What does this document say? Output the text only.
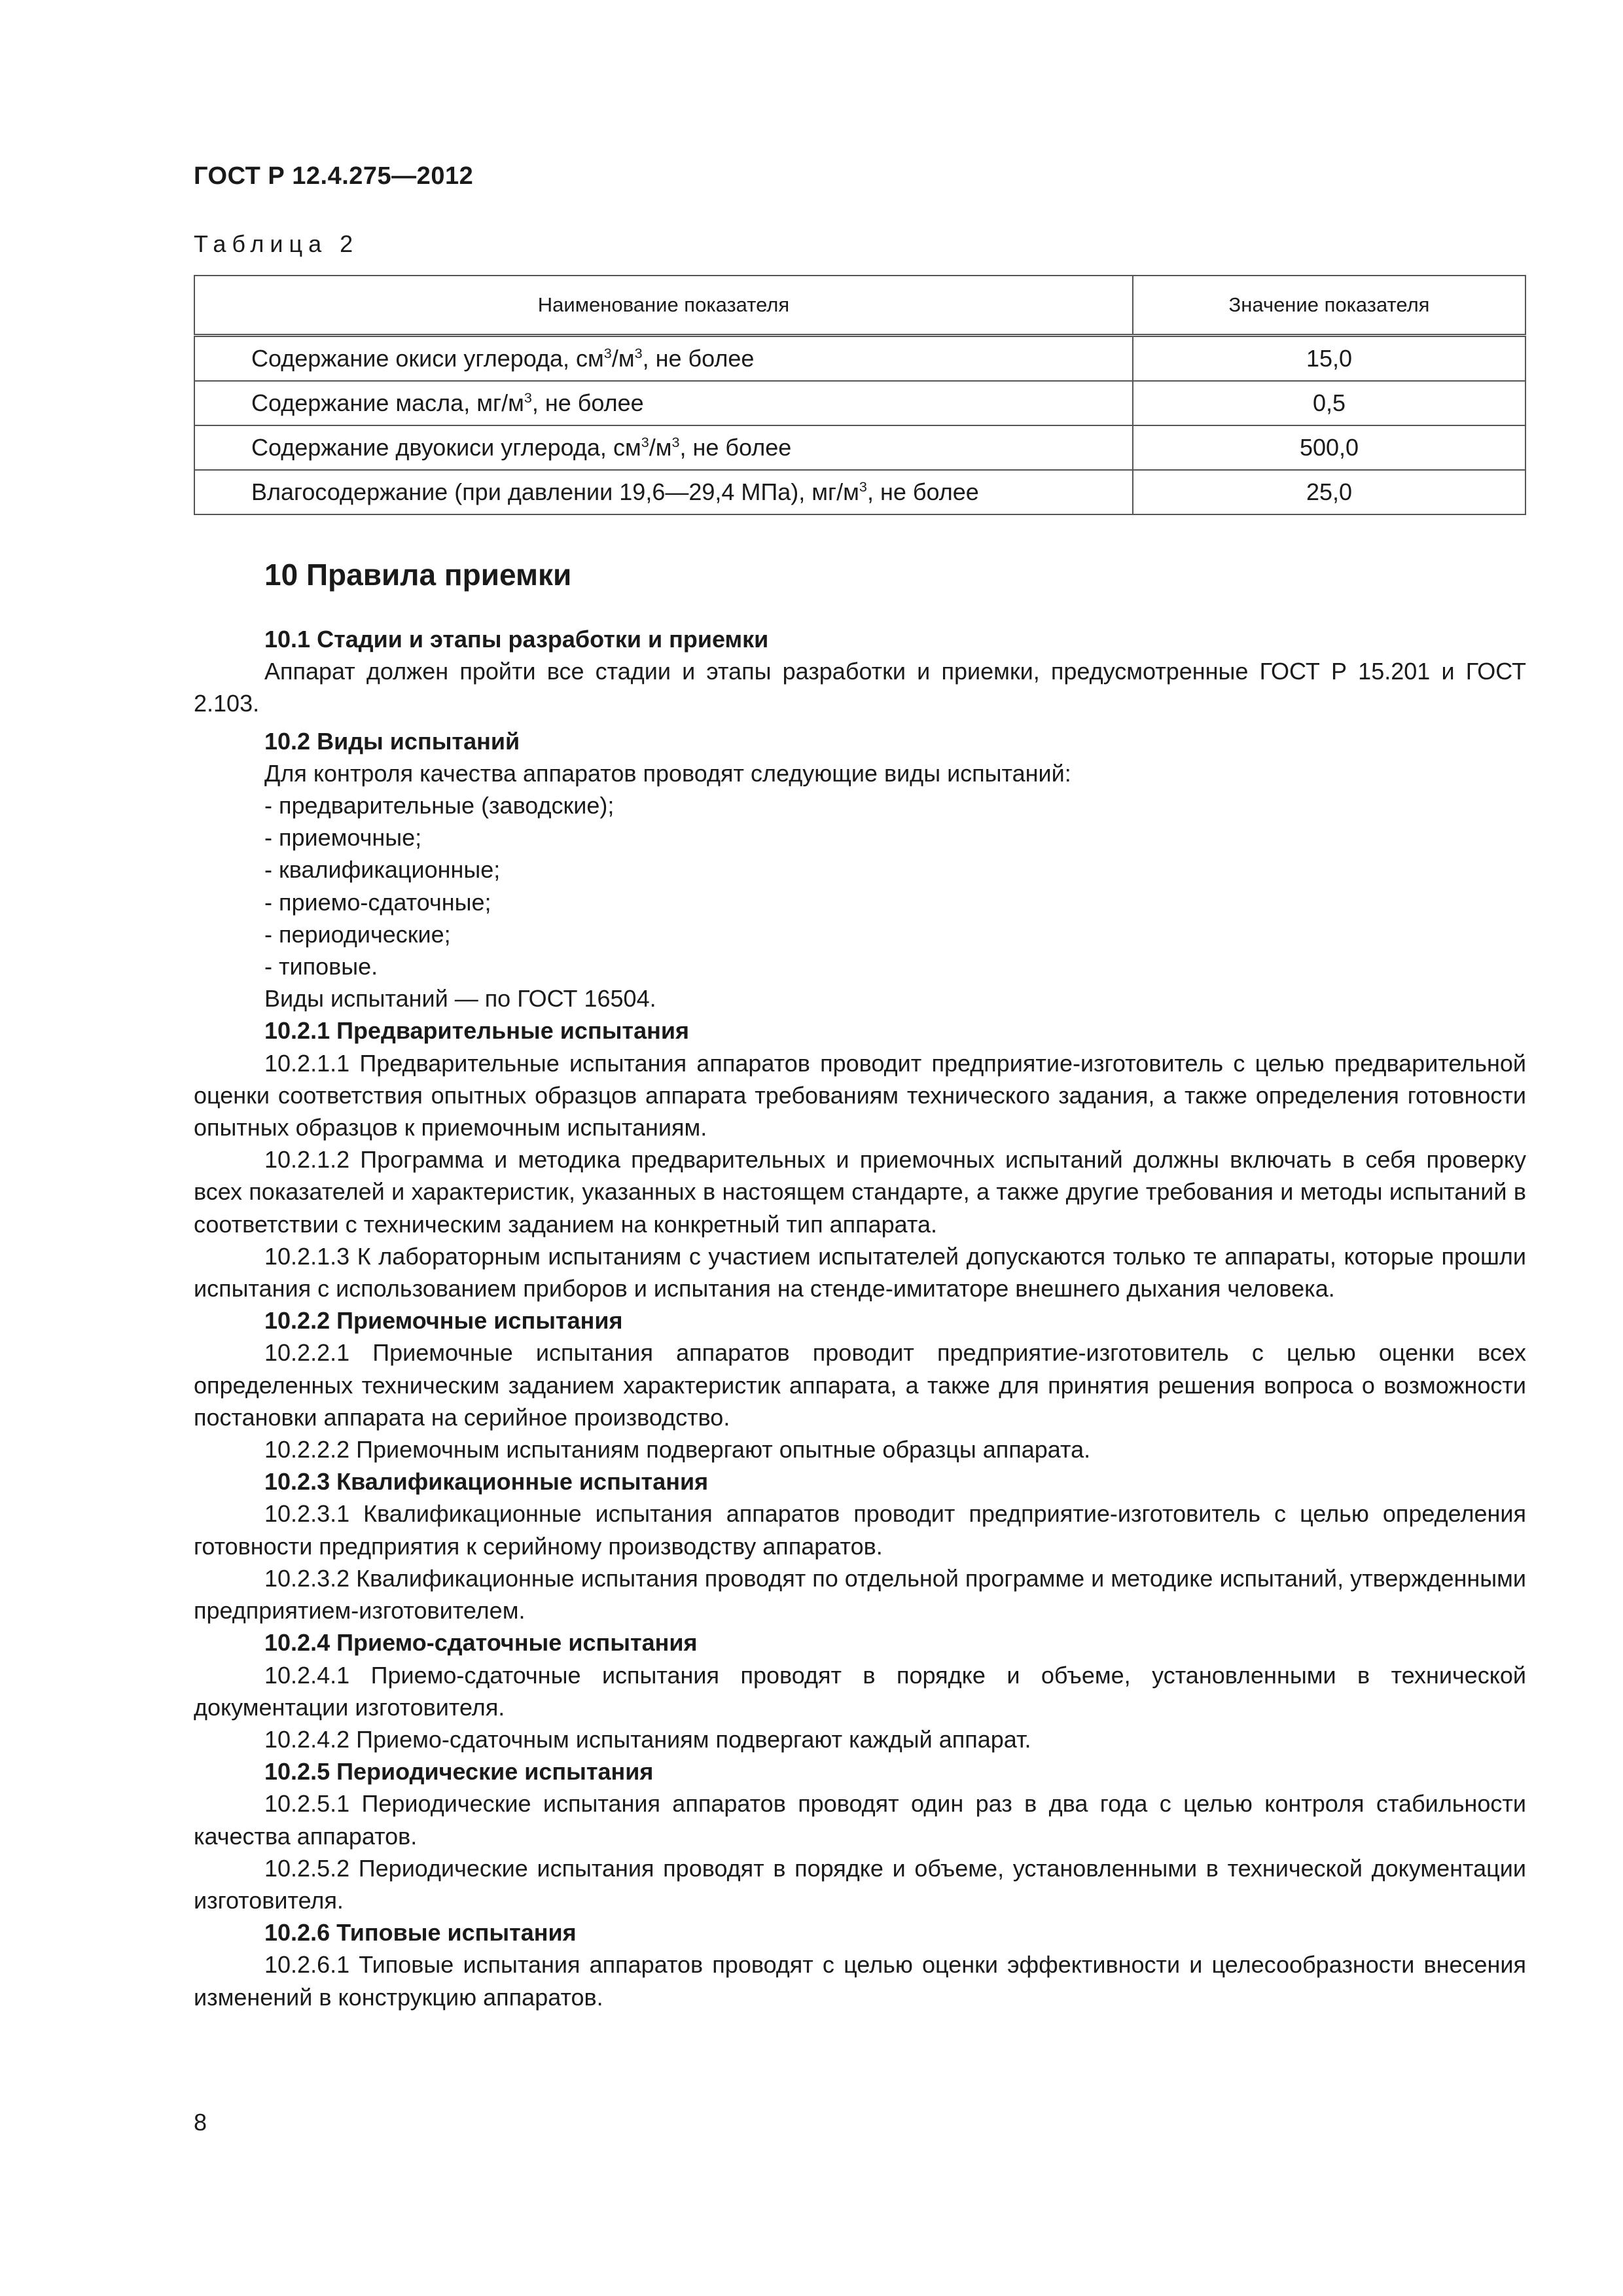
ГОСТ Р 12.4.275—2012
Таблица 2
Наименование показателя	Значение показателя
Содержание окиси углерода, $см^3/м^3$, не более	15,0
Содержание масла, $мг/м^3$, не более	0,5
Содержание двуокиси углерода, $см^3/м^3$, не более	500,0
Влагосодержание (при давлении 19,6—29,4 МПа), $мг/м^3$, не более	25,0
10 Правила приемки
10.1 Стадии и этапы разработки и приемки

Аппарат должен пройти все стадии и этапы разработки и приемки, предусмотренные ГОСТ Р 15.201 и ГОСТ 2.103.

10.2 Виды испытаний

Для контроля качества аппаратов проводят следующие виды испытаний:

- предварительные (заводские);

- приемочные;

- квалификационные;

- приемо-сдаточные;

- периодические;

- типовые.

Виды испытаний — по ГОСТ 16504.

10.2.1 Предварительные испытания

10.2.1.1 Предварительные испытания аппаратов проводит предприятие-изготовитель с целью предварительной оценки соответствия опытных образцов аппарата требованиям технического задания, а также определения готовности опытных образцов к приемочным испытаниям.

10.2.1.2 Программа и методика предварительных и приемочных испытаний должны включать в себя проверку всех показателей и характеристик, указанных в настоящем стандарте, а также другие требования и методы испытаний в соответствии с техническим заданием на конкретный тип аппарата.

10.2.1.3 К лабораторным испытаниям с участием испытателей допускаются только те аппараты, которые прошли испытания с использованием приборов и испытания на стенде-имитаторе внешнего дыхания человека.

10.2.2 Приемочные испытания

10.2.2.1 Приемочные испытания аппаратов проводит предприятие-изготовитель с целью оценки всех определенных техническим заданием характеристик аппарата, а также для принятия решения вопроса о возможности постановки аппарата на серийное производство.

10.2.2.2 Приемочным испытаниям подвергают опытные образцы аппарата.

10.2.3 Квалификационные испытания

10.2.3.1 Квалификационные испытания аппаратов проводит предприятие-изготовитель с целью определения готовности предприятия к серийному производству аппаратов.

10.2.3.2 Квалификационные испытания проводят по отдельной программе и методике испытаний, утвержденными предприятием-изготовителем.

10.2.4 Приемо-сдаточные испытания

10.2.4.1 Приемо-сдаточные испытания проводят в порядке и объеме, установленными в технической документации изготовителя.

10.2.4.2 Приемо-сдаточным испытаниям подвергают каждый аппарат.

10.2.5 Периодические испытания

10.2.5.1 Периодические испытания аппаратов проводят один раз в два года с целью контроля стабильности качества аппаратов.

10.2.5.2 Периодические испытания проводят в порядке и объеме, установленными в технической документации изготовителя.

10.2.6 Типовые испытания

10.2.6.1 Типовые испытания аппаратов проводят с целью оценки эффективности и целесообразности внесения изменений в конструкцию аппаратов.

8
